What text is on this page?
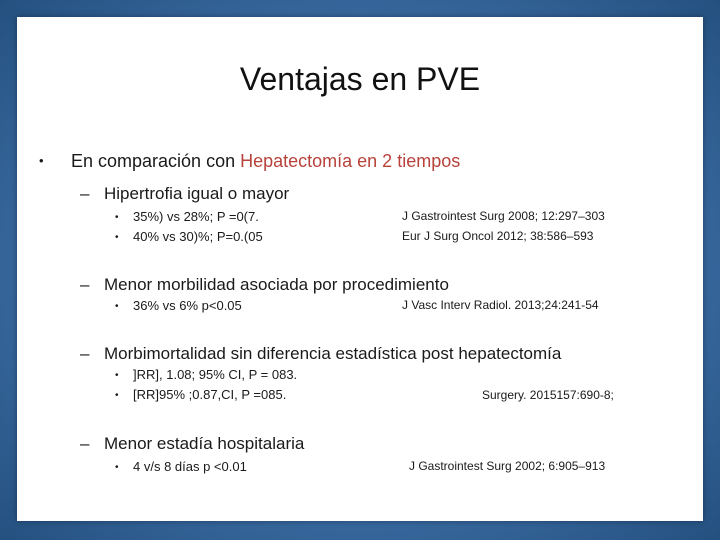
Ventajas en PVE
• En comparación con Hepatectomía en 2 tiempos
– Hipertrofia igual o mayor
• 35%) vs 28%; P =0(7.	J Gastrointest Surg 2008; 12:297–303
• 40% vs 30)%; P=0.(05	Eur J Surg Oncol 2012; 38:586–593
– Menor morbilidad asociada por procedimiento
• 36% vs 6% p<0.05	J Vasc Interv Radiol. 2013;24:241-54
– Morbimortalidad sin diferencia estadística post hepatectomía
• ]RR], 1.08; 95% CI, P = 083.
• [RR]95% ;0.87,CI, P =085.	Surgery. 2015157:690-8;
– Menor estadía hospitalaria
• 4 v/s 8 días p <0.01	J Gastrointest Surg 2002; 6:905–913
